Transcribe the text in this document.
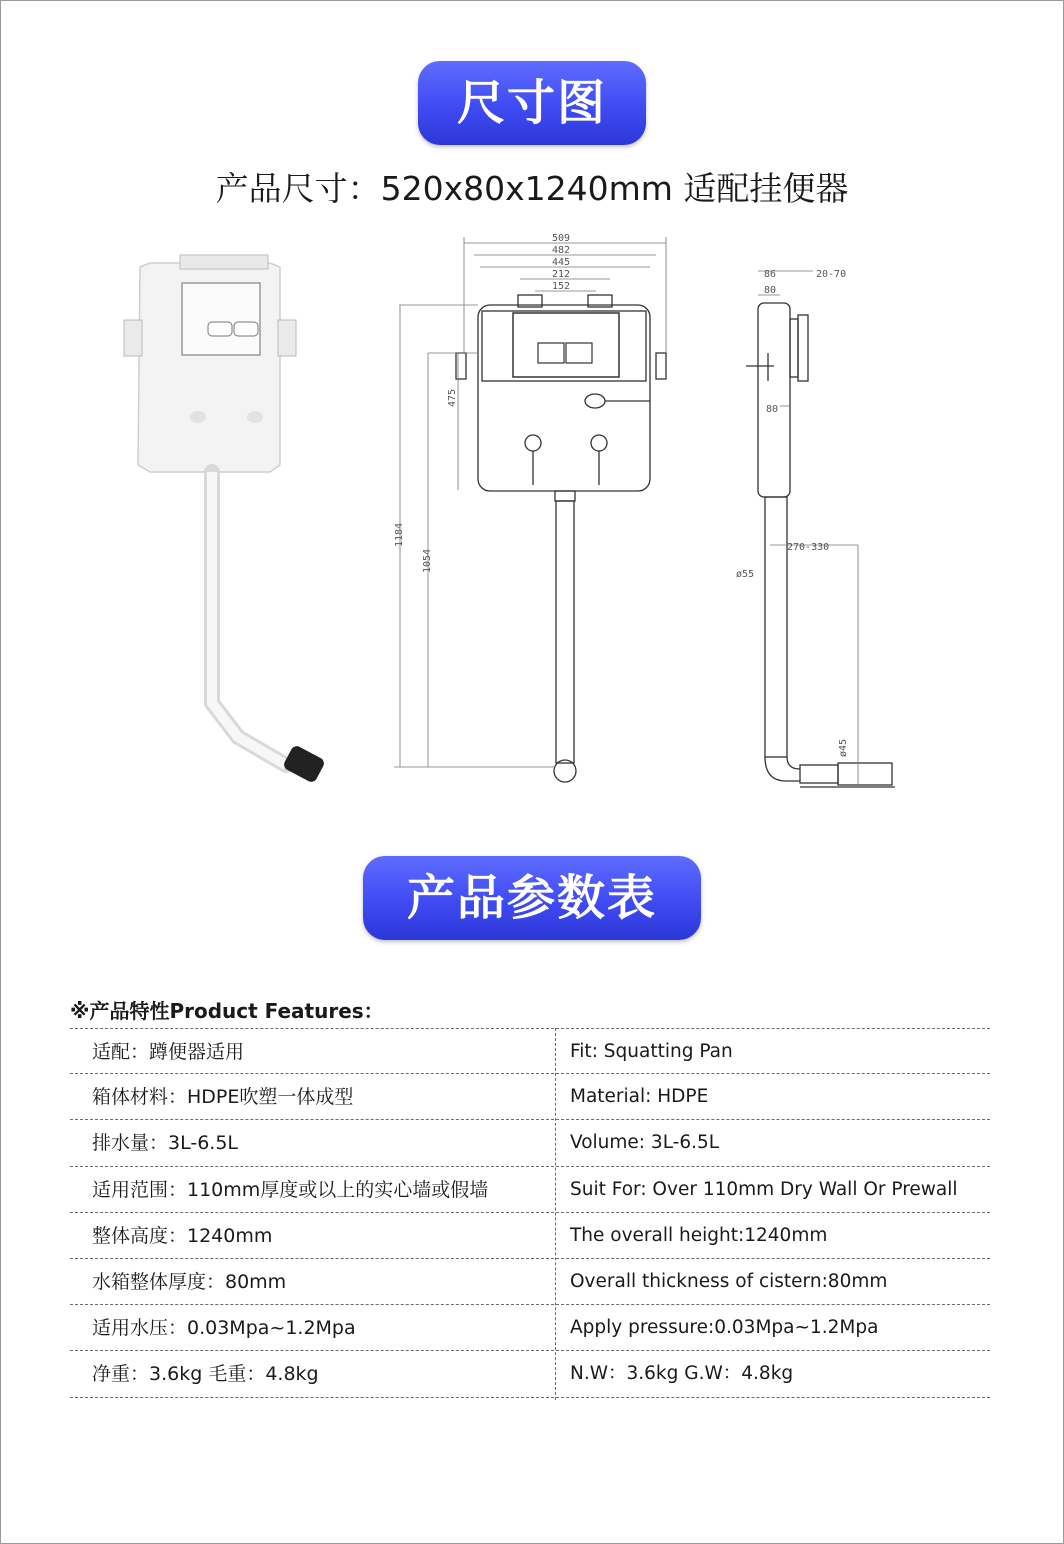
尺寸图
产品尺寸：520x80x1240mm 适配挂便器
509
482
445
212
152
475
1184
1054
86	20-70
80
80
270-330
ø55
ø45
产品参数表
※产品特性Product Features：
适配：蹲便器适用	Fit: Squatting Pan
箱体材料：HDPE吹塑一体成型	Material: HDPE
排水量：3L-6.5L	Volume: 3L-6.5L
适用范围：110mm厚度或以上的实心墙或假墙	Suit For: Over 110mm Dry Wall Or Prewall
整体高度：1240mm	The overall height:1240mm
水箱整体厚度：80mm	Overall thickness of cistern:80mm
适用水压：0.03Mpa~1.2Mpa	Apply pressure:0.03Mpa~1.2Mpa
净重：3.6kg 毛重：4.8kg	N.W：3.6kg G.W：4.8kg
